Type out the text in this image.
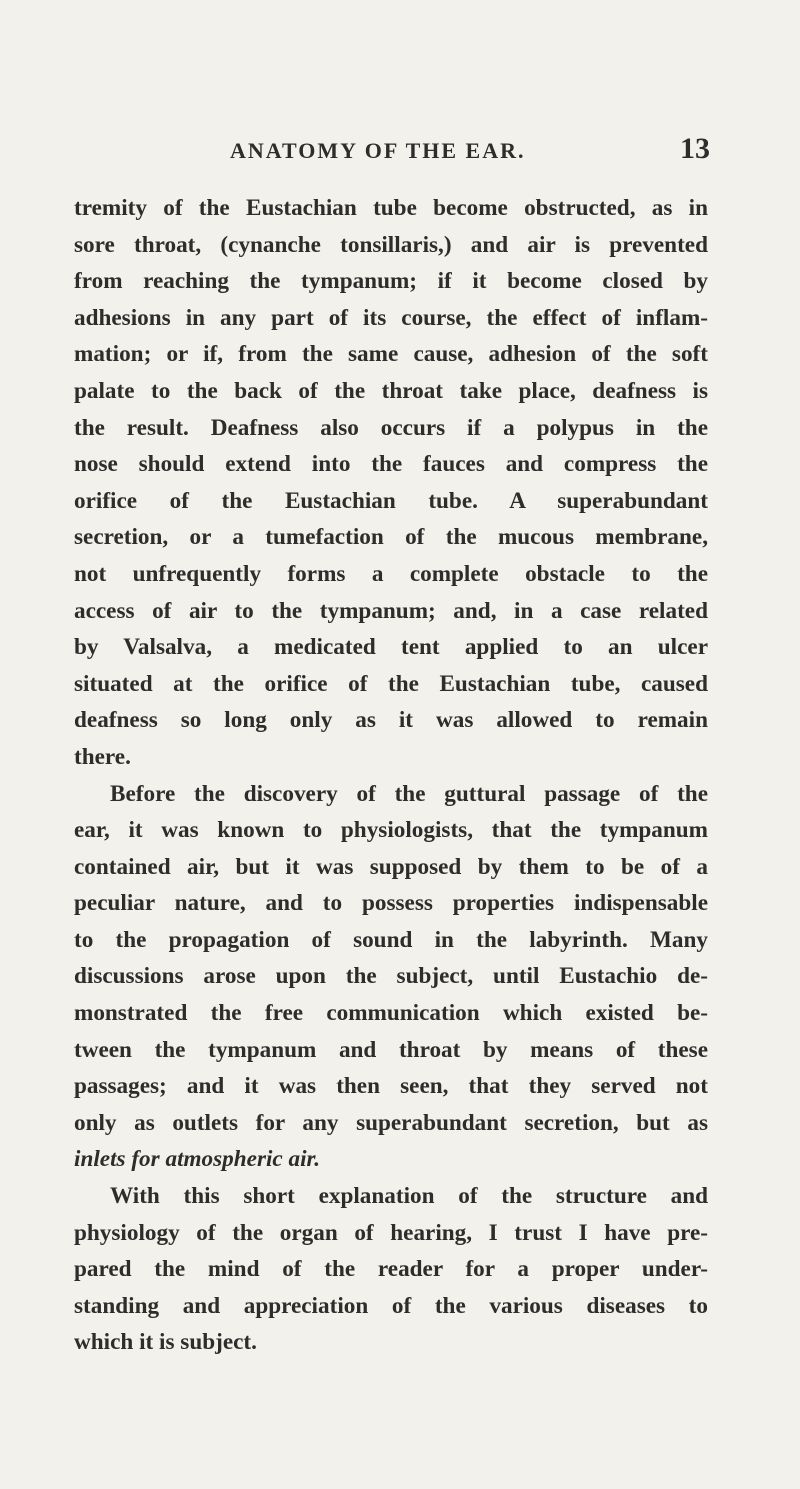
ANATOMY OF THE EAR.	13
tremity of the Eustachian tube become obstructed, as in
sore throat, (cynanche tonsillaris,) and air is prevented
from reaching the tympanum; if it become closed by
adhesions in any part of its course, the effect of inflam-
mation; or if, from the same cause, adhesion of the soft
palate to the back of the throat take place, deafness is
the result. Deafness also occurs if a polypus in the
nose should extend into the fauces and compress the
orifice of the Eustachian tube. A superabundant
secretion, or a tumefaction of the mucous membrane,
not unfrequently forms a complete obstacle to the
access of air to the tympanum; and, in a case related
by Valsalva, a medicated tent applied to an ulcer
situated at the orifice of the Eustachian tube, caused
deafness so long only as it was allowed to remain
there.
Before the discovery of the guttural passage of the
ear, it was known to physiologists, that the tympanum
contained air, but it was supposed by them to be of a
peculiar nature, and to possess properties indispensable
to the propagation of sound in the labyrinth. Many
discussions arose upon the subject, until Eustachio de-
monstrated the free communication which existed be-
tween the tympanum and throat by means of these
passages; and it was then seen, that they served not
only as outlets for any superabundant secretion, but as
inlets for atmospheric air.
With this short explanation of the structure and
physiology of the organ of hearing, I trust I have pre-
pared the mind of the reader for a proper under-
standing and appreciation of the various diseases to
which it is subject.
